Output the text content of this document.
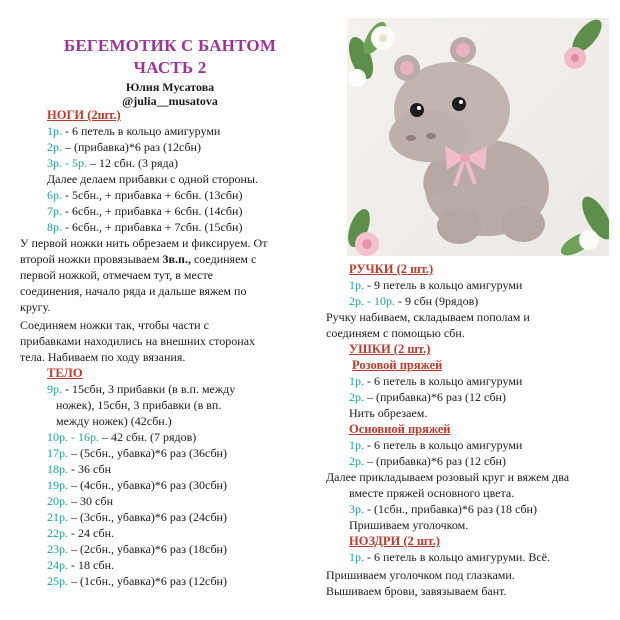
БЕГЕМОТИК С БАНТОМ
ЧАСТЬ 2
Юлия Мусатова
@julia__musatova
НОГИ (2шт.)
1р. - 6 петель в кольцо амигуруми
2р. – (прибавка)*6 раз (12сбн)
3р. - 5р. – 12 сбн. (3 ряда)
Далее делаем прибавки с одной стороны.
6р. - 5сбн., + прибавка + 6сбн. (13сбн)
7р. - 6сбн., + прибавка + 6сбн. (14сбн)
8р. - 6сбн., + прибавка + 7сбн. (15сбн)
У первой ножки нить обрезаем и фиксируем. От
второй ножки провязываем 3в.п., соединяем с
первой ножкой, отмечаем тут, в месте
соединения, начало ряда и дальше вяжем по
кругу.
Соединяем ножки так, чтобы части с
прибавками находились на внешних сторонах
тела. Набиваем по ходу вязания.
ТЕЛО
9р. - 15сбн, 3 прибавки (в в.п. между
ножек), 15сбн, 3 прибавки (в вп.
между ножек) (42сбн.)
10р. - 16р. – 42 сбн. (7 рядов)
17р. – (5сбн., убавка)*6 раз (36сбн)
18р. - 36 сбн
19р. – (4сбн., убавка)*6 раз (30сбн)
20р. – 30 сбн
21р. – (3сбн., убавка)*6 раз (24сбн)
22р. - 24 сбн.
23р. – (2сбн., убавка)*6 раз (18сбн)
24р. - 18 сбн.
25р. – (1сбн., убавка)*6 раз (12сбн)
РУЧКИ (2 шт.)
1р. - 9 петель в кольцо амигуруми
2р. - 10р. - 9 сбн (9рядов)
Ручку набиваем, складываем пополам и
соединяем с помощью сбн.
УШКИ (2 шт.)
Розовой пряжей
1р. - 6 петель в кольцо амигуруми
2р. – (прибавка)*6 раз (12 сбн)
Нить обрезаем.
Основной пряжей
1р. - 6 петель в кольцо амигуруми
2р. – (прибавка)*6 раз (12 сбн)
Далее прикладываем розовый круг и вяжем два
вместе пряжей основного цвета.
3р. - (1сбн., прибавка)*6 раз (18 сбн)
Пришиваем уголочком.
НОЗДРИ (2 шт.)
1р. - 6 петель в кольцо амигуруми. Всё.
Пришиваем уголочком под глазками.
Вышиваем брови, завязываем бант.
